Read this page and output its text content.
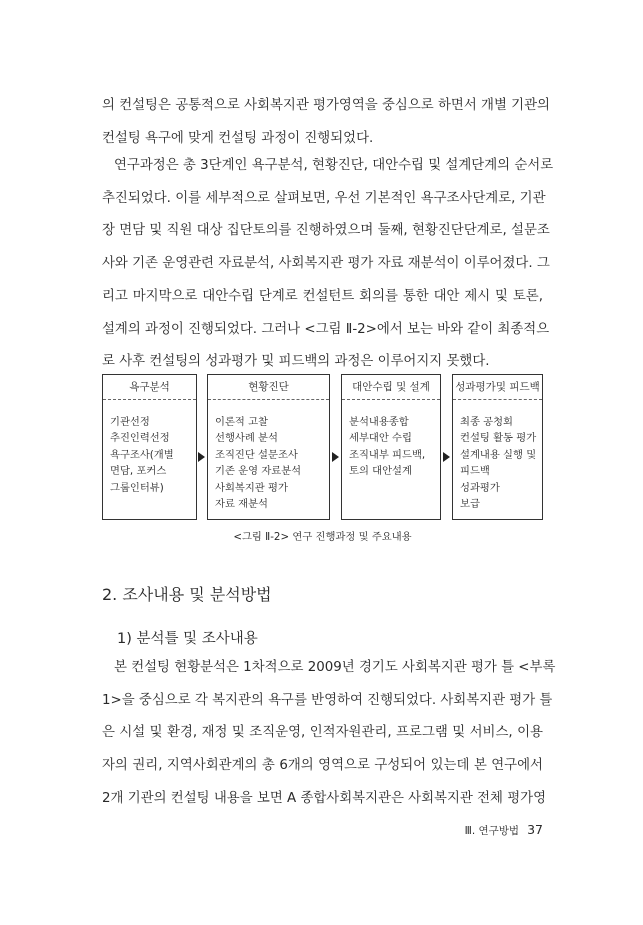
의 컨설팅은 공통적으로 사회복지관 평가영역을 중심으로 하면서 개별 기관의
컨설팅 욕구에 맞게 컨설팅 과정이 진행되었다.
연구과정은 총 3단계인 욕구분석, 현황진단, 대안수립 및 설계단계의 순서로
추진되었다. 이를 세부적으로 살펴보면, 우선 기본적인 욕구조사단계로, 기관
장 면담 및 직원 대상 집단토의를 진행하였으며 둘째, 현황진단단계로, 설문조
사와 기존 운영관련 자료분석, 사회복지관 평가 자료 재분석이 이루어졌다. 그
리고 마지막으로 대안수립 단계로 컨설턴트 회의를 통한 대안 제시 및 토론,
설계의 과정이 진행되었다. 그러나 <그림 Ⅱ-2>에서 보는 바와 같이 최종적으
로 사후 컨설팅의 성과평가 및 피드백의 과정은 이루어지지 못했다.
욕구분석
기관선정
추진인력선정
욕구조사(개별
면담, 포커스
그룹인터뷰)
현황진단
이론적 고찰
선행사례 분석
조직진단 설문조사
기존 운영 자료분석
사회복지관 평가
자료 재분석
대안수립 및 설계
분석내용종합
세부대안 수립
조직내부 피드백,
토의 대안설계
성과평가및 피드백
최종 공청회
컨설팅 활동 평가
설계내용 실행 및
피드백
성과평가
보급
<그림 Ⅱ-2> 연구 진행과정 및 주요내용
2. 조사내용 및 분석방법
1) 분석틀 및 조사내용
본 컨설팅 현황분석은 1차적으로 2009년 경기도 사회복지관 평가 틀 <부록
1>을 중심으로 각 복지관의 욕구를 반영하여 진행되었다. 사회복지관 평가 틀
은 시설 및 환경, 재정 및 조직운영, 인적자원관리, 프로그램 및 서비스, 이용
자의 권리, 지역사회관계의 총 6개의 영역으로 구성되어 있는데 본 연구에서
2개 기관의 컨설팅 내용을 보면 A 종합사회복지관은 사회복지관 전체 평가영
Ⅲ. 연구방법 37
